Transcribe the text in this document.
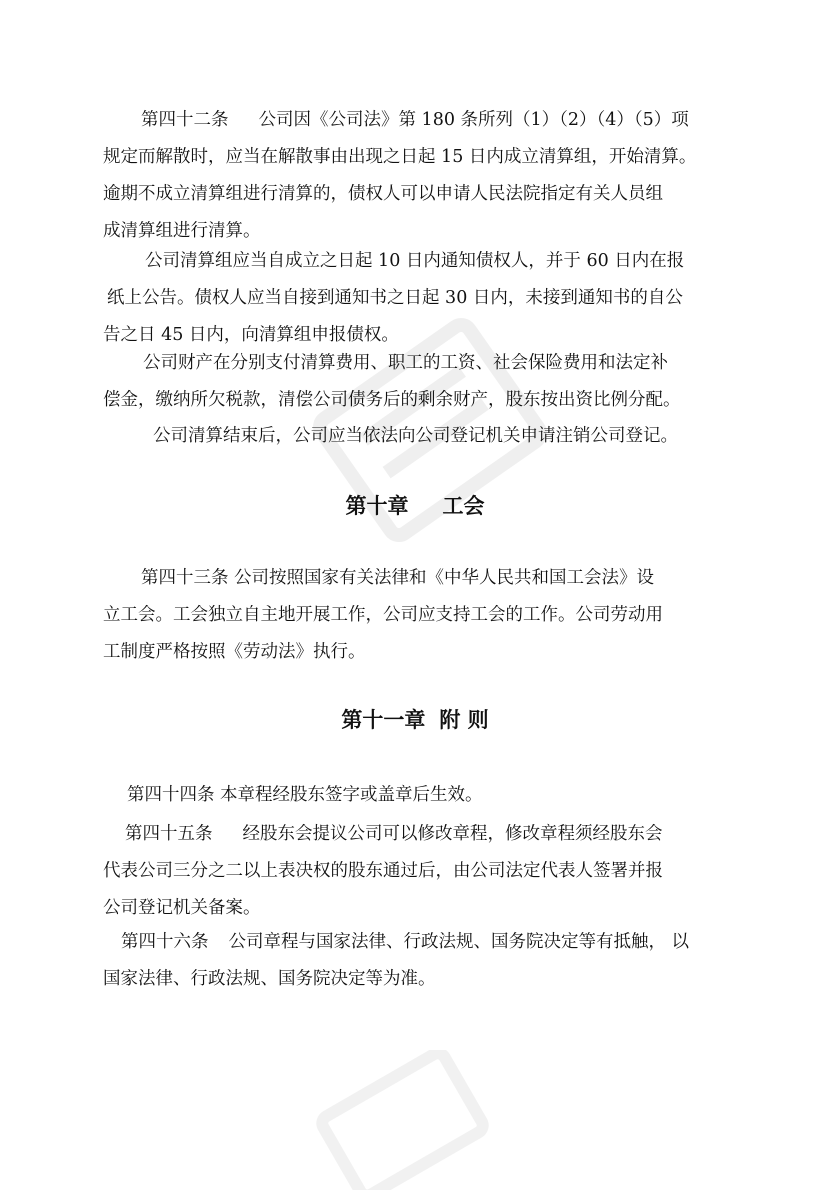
第四十二条 公司因《公司法》第 180 条所列（1）（2）（4）（5）项
规定而解散时，应当在解散事由出现之日起 15 日内成立清算组，开始清算。
逾期不成立清算组进行清算的，债权人可以申请人民法院指定有关人员组
成清算组进行清算。
公司清算组应当自成立之日起 10 日内通知债权人，并于 60 日内在报
纸上公告。债权人应当自接到通知书之日起 30 日内，未接到通知书的自公
告之日 45 日内，向清算组申报债权。
公司财产在分别支付清算费用、职工的工资、社会保险费用和法定补
偿金，缴纳所欠税款，清偿公司债务后的剩余财产，股东按出资比例分配。
公司清算结束后，公司应当依法向公司登记机关申请注销公司登记。
第十章 工会
第四十三条 公司按照国家有关法律和《中华人民共和国工会法》设
立工会。工会独立自主地开展工作，公司应支持工会的工作。公司劳动用
工制度严格按照《劳动法》执行。
第十一章 附 则
第四十四条 本章程经股东签字或盖章后生效。
第四十五条 经股东会提议公司可以修改章程，修改章程须经股东会
代表公司三分之二以上表决权的股东通过后，由公司法定代表人签署并报
公司登记机关备案。
第四十六条 公司章程与国家法律、行政法规、国务院决定等有抵触， 以
国家法律、行政法规、国务院决定等为准。
